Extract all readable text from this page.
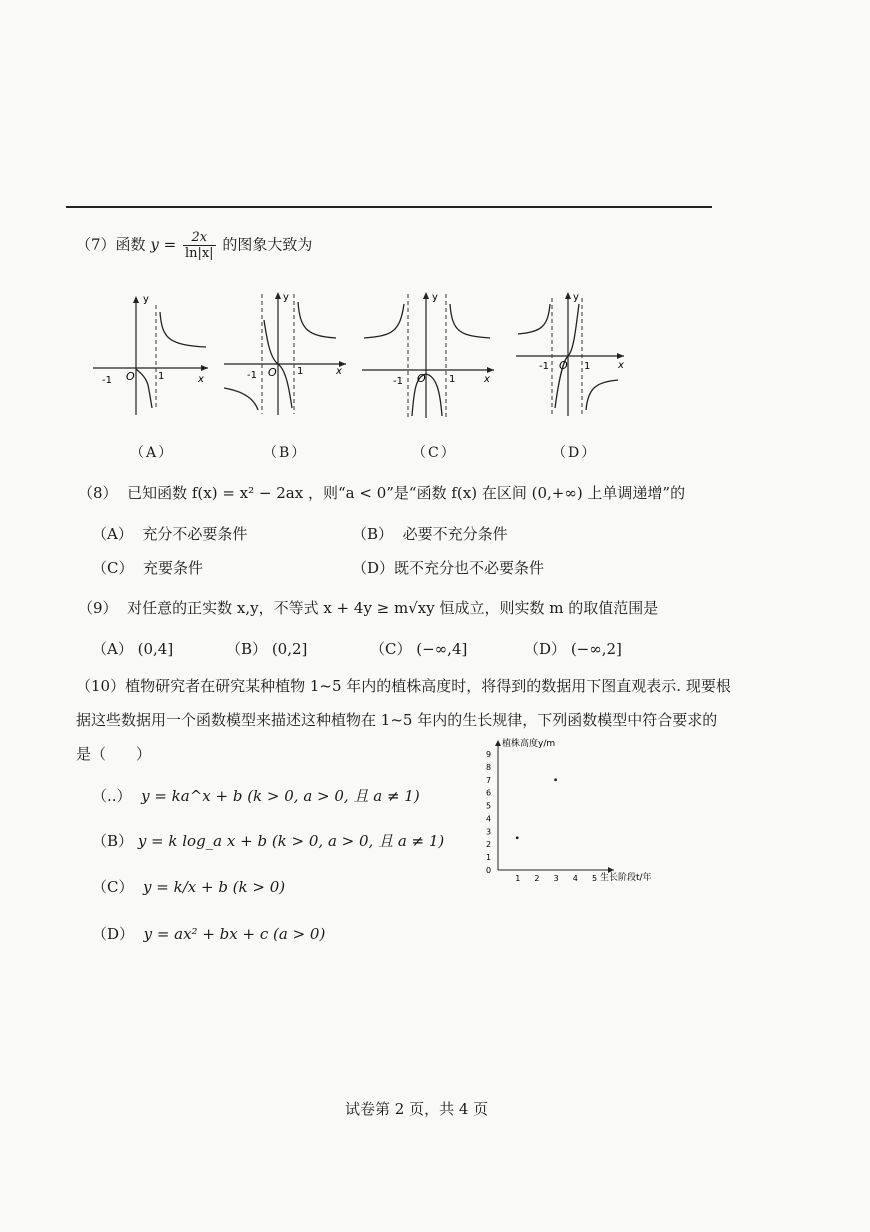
（7）函数 $y = \frac{2x}{\ln|x|}$ 的图象大致为
y
x
-1	1
O
（A）
y
x
-1	1
O
（B）
y
x
-1	1
O
（C）
y
x
-1	1
O
（D）
（8） 已知函数 f(x) = x² − 2ax ，则“a < 0”是“函数 f(x) 在区间 (0,+∞) 上单调递增”的
（A） 充分不必要条件	（B） 必要不充分条件
（C） 充要条件	（D）既不充分也不必要条件
（9） 对任意的正实数 x,y，不等式 x + 4y ≥ m√xy 恒成立，则实数 m 的取值范围是
（A） (0,4]	（B） (0,2]	（C） (−∞,4]	（D） (−∞,2]
（10）植物研究者在研究某种植物 1~5 年内的植株高度时，将得到的数据用下图直观表示. 现要根
据这些数据用一个函数模型来描述这种植物在 1~5 年内的生长规律，下列函数模型中符合要求的
是（　　）
（..） y = ka^x + b (k > 0, a > 0, 且 a ≠ 1)
（B） y = k log_a x + b (k > 0, a > 0, 且 a ≠ 1)
（C） y = k/x + b (k > 0)
（D） y = ax² + bx + c (a > 0)
1 2 3 4 5
0
1
2
3
4
5
6
7
8
9
植株高度y/m
生长阶段t/年
试卷第 2 页，共 4 页
